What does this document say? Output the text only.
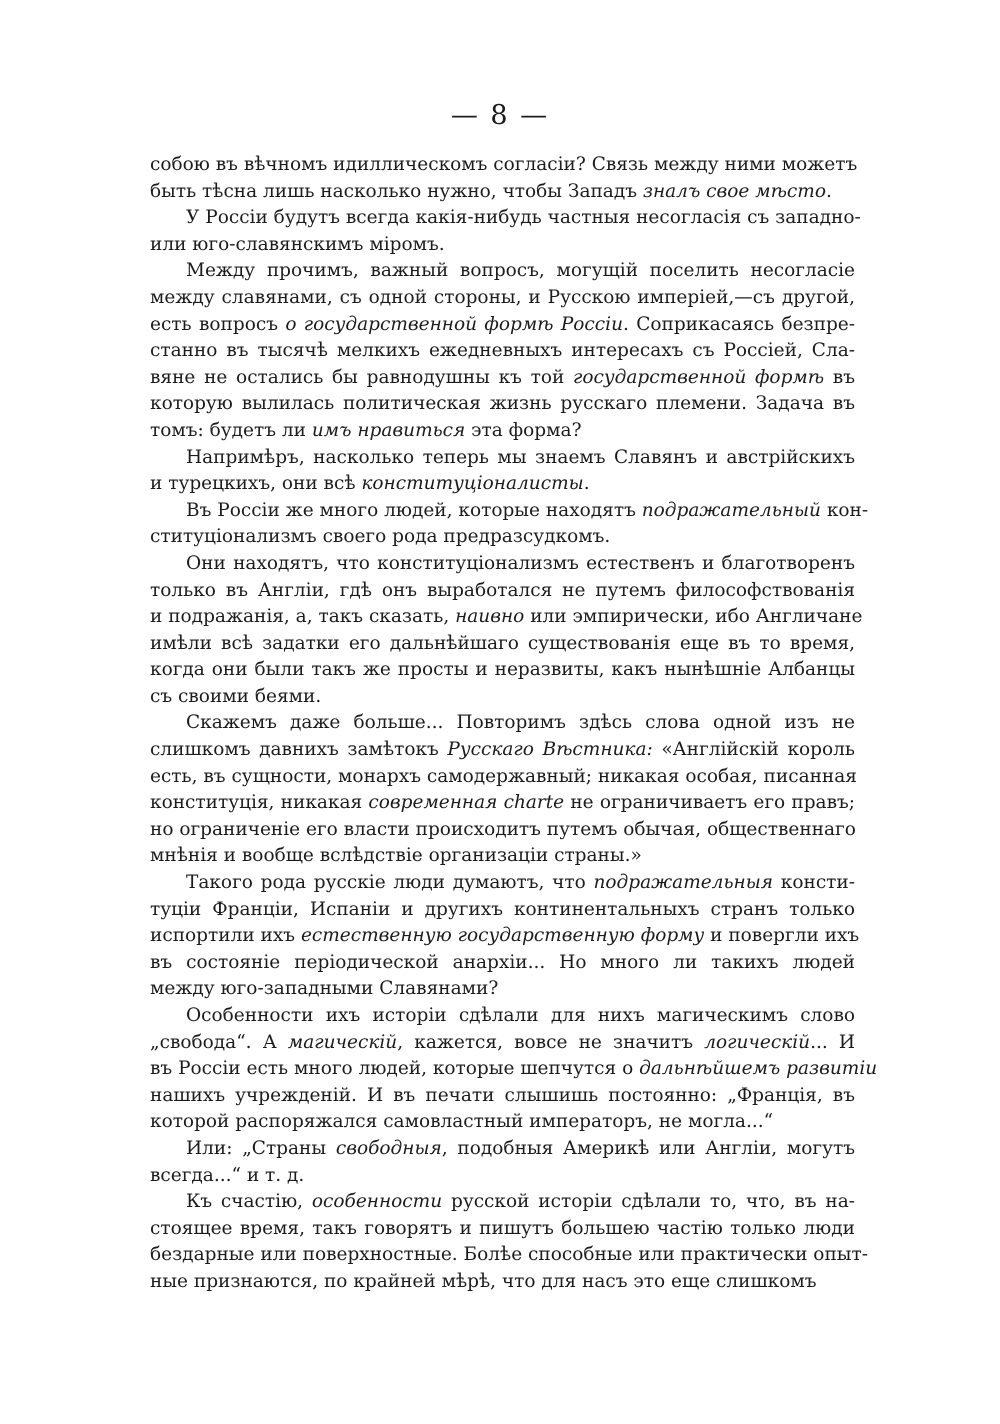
— 8 —

собою въ вѣчномъ идиллическомъ согласіи? Связь между ними можетъ
быть тѣсна лишь насколько нужно, чтобы Западъ зналъ свое мѣсто.

У Россіи будутъ всегда какія-нибудь частныя несогласія съ западно-
или юго-славянскимъ міромъ.

Между прочимъ, важный вопросъ, могущій поселить несогласіе
между славянами, съ одной стороны, и Русскою имперіей,—съ другой,
есть вопросъ о государственной формѣ Россіи. Соприкасаясь безпре-
станно въ тысячѣ мелкихъ ежедневныхъ интересахъ съ Россіей, Сла-
вяне не остались бы равнодушны къ той государственной формѣ въ
которую вылилась политическая жизнь русскаго племени. Задача въ
томъ: будетъ ли имъ нравиться эта форма?

Напримѣръ, насколько теперь мы знаемъ Славянъ и австрійскихъ
и турецкихъ, они всѣ конституціоналисты.

Въ Россіи же много людей, которые находятъ подражательный кон-
ституціонализмъ своего рода предразсудкомъ.

Они находятъ, что конституціонализмъ естественъ и благотворенъ
только въ Англіи, гдѣ онъ выработался не путемъ философствованія
и подражанія, а, такъ сказать, наивно или эмпирически, ибо Англичане
имѣли всѣ задатки его дальнѣйшаго существованія еще въ то время,
когда они были такъ же просты и неразвиты, какъ нынѣшніе Албанцы
съ своими беями.

Скажемъ даже больше... Повторимъ здѣсь слова одной изъ не
слишкомъ давнихъ замѣтокъ Русскаго Вѣстника: «Англійскій король
есть, въ сущности, монархъ самодержавный; никакая особая, писанная
конституція, никакая современная charte не ограничиваетъ его правъ;
но ограниченіе его власти происходитъ путемъ обычая, общественнаго
мнѣнія и вообще вслѣдствіе организаціи страны.»

Такого рода русскіе люди думаютъ, что подражательныя консти-
туціи Франціи, Испаніи и другихъ континентальныхъ странъ только
испортили ихъ естественную государственную форму и повергли ихъ
въ состояніе періодической анархіи... Но много ли такихъ людей
между юго-западными Славянами?

Особенности ихъ исторіи сдѣлали для нихъ магическимъ слово
„свобода“. А магическій, кажется, вовсе не значитъ логическій... И
въ Россіи есть много людей, которые шепчутся о дальнѣйшемъ развитіи
нашихъ учрежденій. И въ печати слышишь постоянно: „Франція, въ
которой распоряжался самовластный императоръ, не могла...“

Или: „Страны свободныя, подобныя Америкѣ или Англіи, могутъ
всегда...“ и т. д.

Къ счастію, особенности русской исторіи сдѣлали то, что, въ на-
стоящее время, такъ говорятъ и пишутъ большею частію только люди
бездарные или поверхностные. Болѣе способные или практически опыт-
ные признаются, по крайней мѣрѣ, что для насъ это еще слишкомъ
